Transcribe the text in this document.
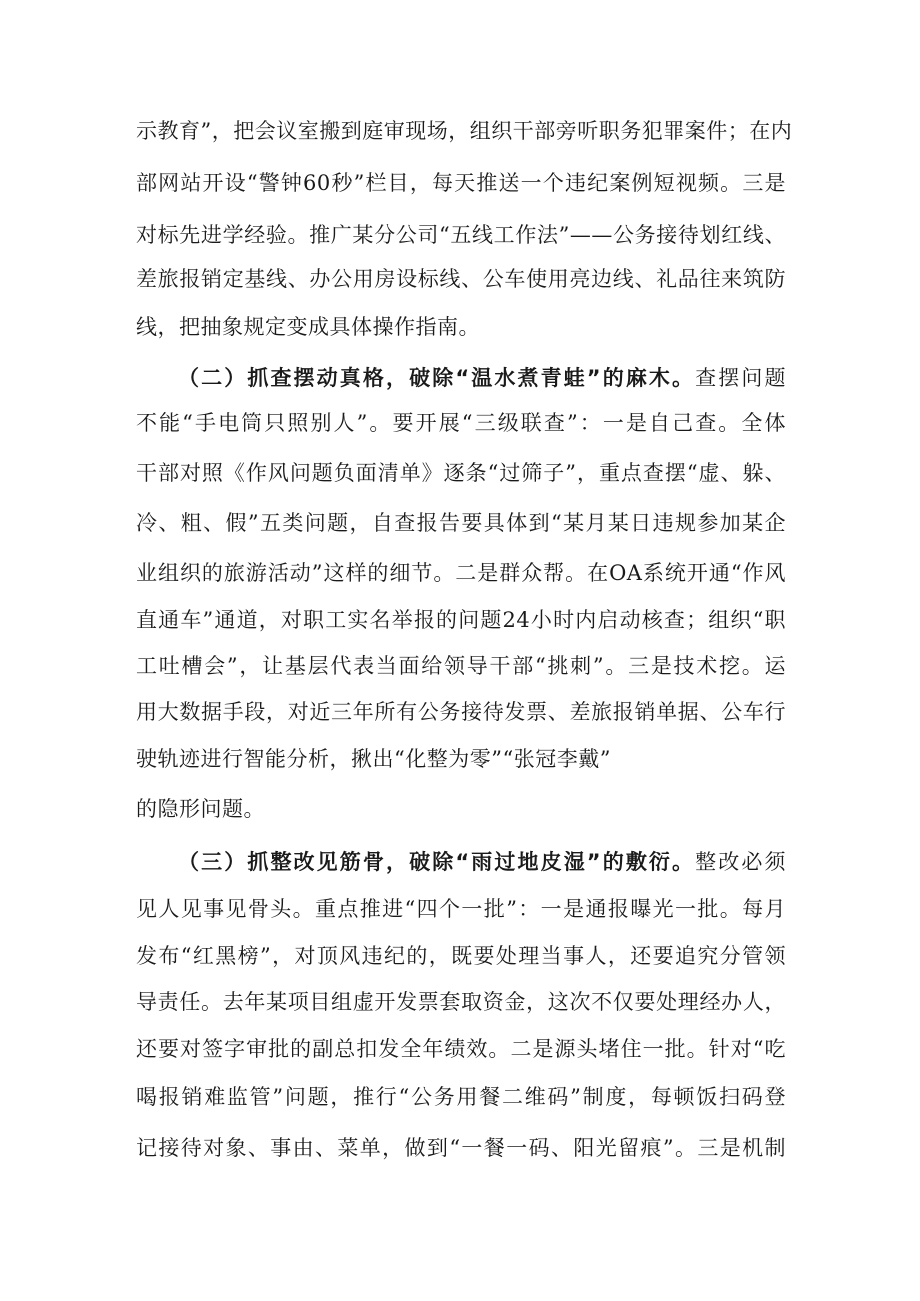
示教育”，把会议室搬到庭审现场，组织干部旁听职务犯罪案件；在内

部网站开设“警钟60秒”栏目，每天推送一个违纪案例短视频。三是

对标先进学经验。推广某分公司“五线工作法”——公务接待划红线、

差旅报销定基线、办公用房设标线、公车使用亮边线、礼品往来筑防

线，把抽象规定变成具体操作指南。

（二）抓查摆动真格，破除“温水煮青蛙”的麻木。查摆问题

不能“手电筒只照别人”。要开展“三级联查”：一是自己查。全体

干部对照《作风问题负面清单》逐条“过筛子”，重点查摆“虚、躲、

冷、粗、假”五类问题，自查报告要具体到“某月某日违规参加某企

业组织的旅游活动”这样的细节。二是群众帮。在OA系统开通“作风

直通车”通道，对职工实名举报的问题24小时内启动核查；组织“职

工吐槽会”，让基层代表当面给领导干部“挑刺”。三是技术挖。运

用大数据手段，对近三年所有公务接待发票、差旅报销单据、公车行

驶轨迹进行智能分析，揪出“化整为零”“张冠李戴”

的隐形问题。

（三）抓整改见筋骨，破除“雨过地皮湿”的敷衍。整改必须

见人见事见骨头。重点推进“四个一批”：一是通报曝光一批。每月

发布“红黑榜”，对顶风违纪的，既要处理当事人，还要追究分管领

导责任。去年某项目组虚开发票套取资金，这次不仅要处理经办人，

还要对签字审批的副总扣发全年绩效。二是源头堵住一批。针对“吃

喝报销难监管”问题，推行“公务用餐二维码”制度，每顿饭扫码登

记接待对象、事由、菜单，做到“一餐一码、阳光留痕”。三是机制
